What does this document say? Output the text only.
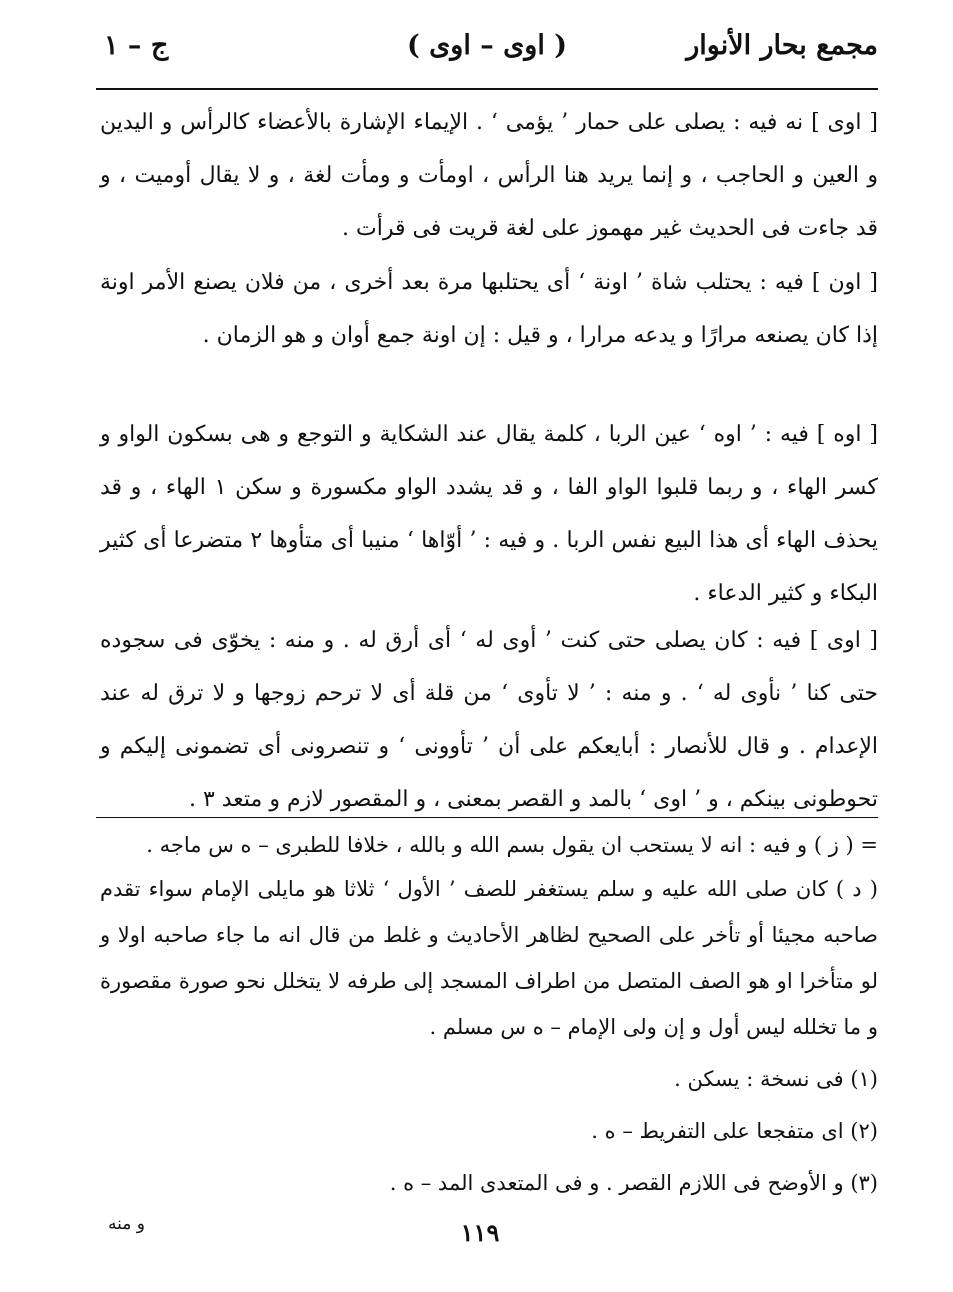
مجمع بحار الأنوار
( اوى – اوى )
ج – ١

[ اوى ] نه فيه : يصلى على حمار ’ يؤمى ‘ . الإيماء الإشارة بالأعضاء كالرأس و اليدين و العين و الحاجب ، و إنما يريد هنا الرأس ، اومأت و ومأت لغة ، و لا يقال أوميت ، و قد جاءت فى الحديث غير مهموز على لغة قريت فى قرأت .

[ اون ] فيه : يحتلب شاة ’ اونة ‘ أى يحتلبها مرة بعد أخرى ، من فلان يصنع الأمر اونة إذا كان يصنعه مرارًا و يدعه مرارا ، و قيل : إن اونة جمع أوان و هو الزمان .

[ اوه ] فيه : ’ اوه ‘ عين الربا ، كلمة يقال عند الشكاية و التوجع و هى بسكون الواو و كسر الهاء ، و ربما قلبوا الواو الفا ، و قد يشدد الواو مكسورة و سكن ١ الهاء ، و قد يحذف الهاء أى هذا البيع نفس الربا . و فيه : ’ أوّاها ‘ منيبا أى متأوها ٢ متضرعا أى كثير البكاء و كثير الدعاء .

[ اوى ] فيه : كان يصلى حتى كنت ’ أوى له ‘ أى أرق له . و منه : يخوّى فى سجوده حتى كنا ’ نأوى له ‘ . و منه : ’ لا تأوى ‘ من قلة أى لا ترحم زوجها و لا ترق له عند الإعدام . و قال للأنصار : أبايعكم على أن ’ تأوونى ‘ و تنصرونى أى تضمونى إليكم و تحوطونى بينكم ، و ’ اوى ‘ بالمد و القصر بمعنى ، و المقصور لازم و متعد ٣ .

= ( ز ) و فيه : انه لا يستحب ان يقول بسم الله و بالله ، خلافا للطبرى – ه س ماجه .

( د ) كان صلى الله عليه و سلم يستغفر للصف ’ الأول ‘ ثلاثا هو مايلى الإمام سواء تقدم صاحبه مجيئا أو تأخر على الصحيح لظاهر الأحاديث و غلط من قال انه ما جاء صاحبه اولا و لو متأخرا او هو الصف المتصل من اطراف المسجد إلى طرفه لا يتخلل نحو صورة مقصورة و ما تخلله ليس أول و إن ولى الإمام – ه س مسلم .

(١) فى نسخة : يسكن .

(٢) اى متفجعا على التفريط – ه .

(٣) و الأوضح فى اللازم القصر . و فى المتعدى المد – ه .

١١٩
و منه
